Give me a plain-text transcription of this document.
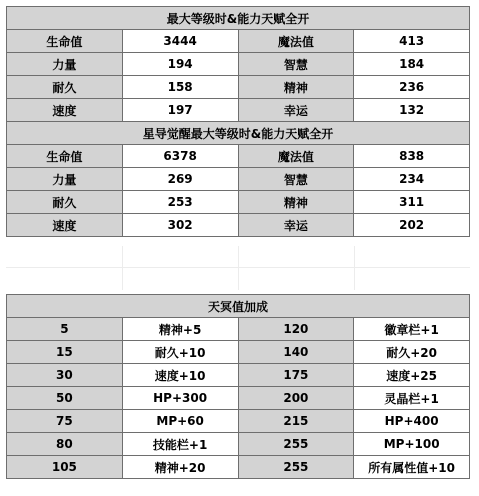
最大等级时&能力天赋全开			
生命值	3444	魔法值	413
力量	194	智慧	184
耐久	158	精神	236
速度	197	幸运	132
星导觉醒最大等级时&能力天赋全开			
生命值	6378	魔法值	838
力量	269	智慧	234
耐久	253	精神	311
速度	302	幸运	202
天冥值加成			
5	精神+5	120	徽章栏+1
15	耐久+10	140	耐久+20
30	速度+10	175	速度+25
50	HP+300	200	灵晶栏+1
75	MP+60	215	HP+400
80	技能栏+1	255	MP+100
105	精神+20	255	所有属性值+10
